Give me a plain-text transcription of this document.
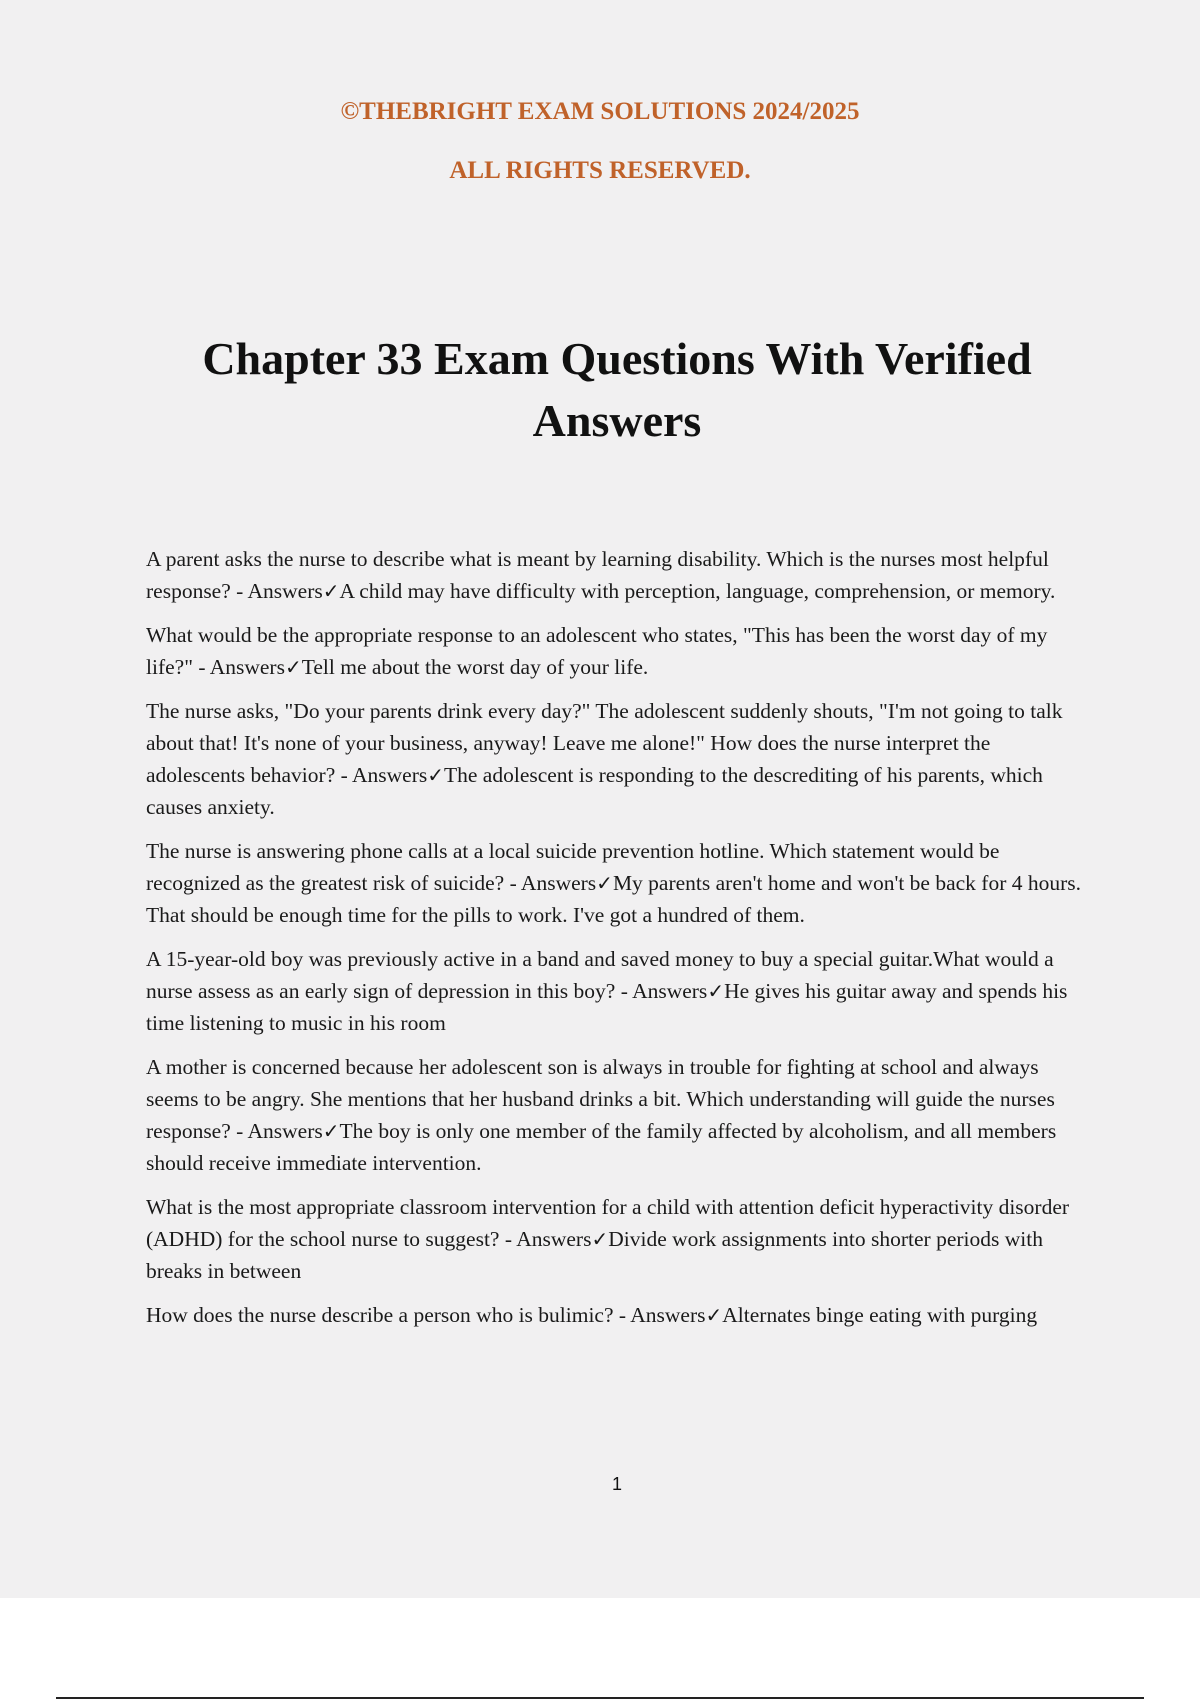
©THEBRIGHT EXAM SOLUTIONS 2024/2025
ALL RIGHTS RESERVED.
Chapter 33 Exam Questions With Verified Answers

A parent asks the nurse to describe what is meant by learning disability. Which is the nurses most helpful response? - Answers✓A child may have difficulty with perception, language, comprehension, or memory.

What would be the appropriate response to an adolescent who states, "This has been the worst day of my life?" - Answers✓Tell me about the worst day of your life.

The nurse asks, "Do your parents drink every day?" The adolescent suddenly shouts, "I'm not going to talk about that! It's none of your business, anyway! Leave me alone!" How does the nurse interpret the adolescents behavior? - Answers✓The adolescent is responding to the descrediting of his parents, which causes anxiety.

The nurse is answering phone calls at a local suicide prevention hotline. Which statement would be recognized as the greatest risk of suicide? - Answers✓My parents aren't home and won't be back for 4 hours. That should be enough time for the pills to work. I've got a hundred of them.

A 15-year-old boy was previously active in a band and saved money to buy a special guitar.What would a nurse assess as an early sign of depression in this boy? - Answers✓He gives his guitar away and spends his time listening to music in his room

A mother is concerned because her adolescent son is always in trouble for fighting at school and always seems to be angry. She mentions that her husband drinks a bit. Which understanding will guide the nurses response? - Answers✓The boy is only one member of the family affected by alcoholism, and all members should receive immediate intervention.

What is the most appropriate classroom intervention for a child with attention deficit hyperactivity disorder (ADHD) for the school nurse to suggest? - Answers✓Divide work assignments into shorter periods with breaks in between

How does the nurse describe a person who is bulimic? - Answers✓Alternates binge eating with purging

1
